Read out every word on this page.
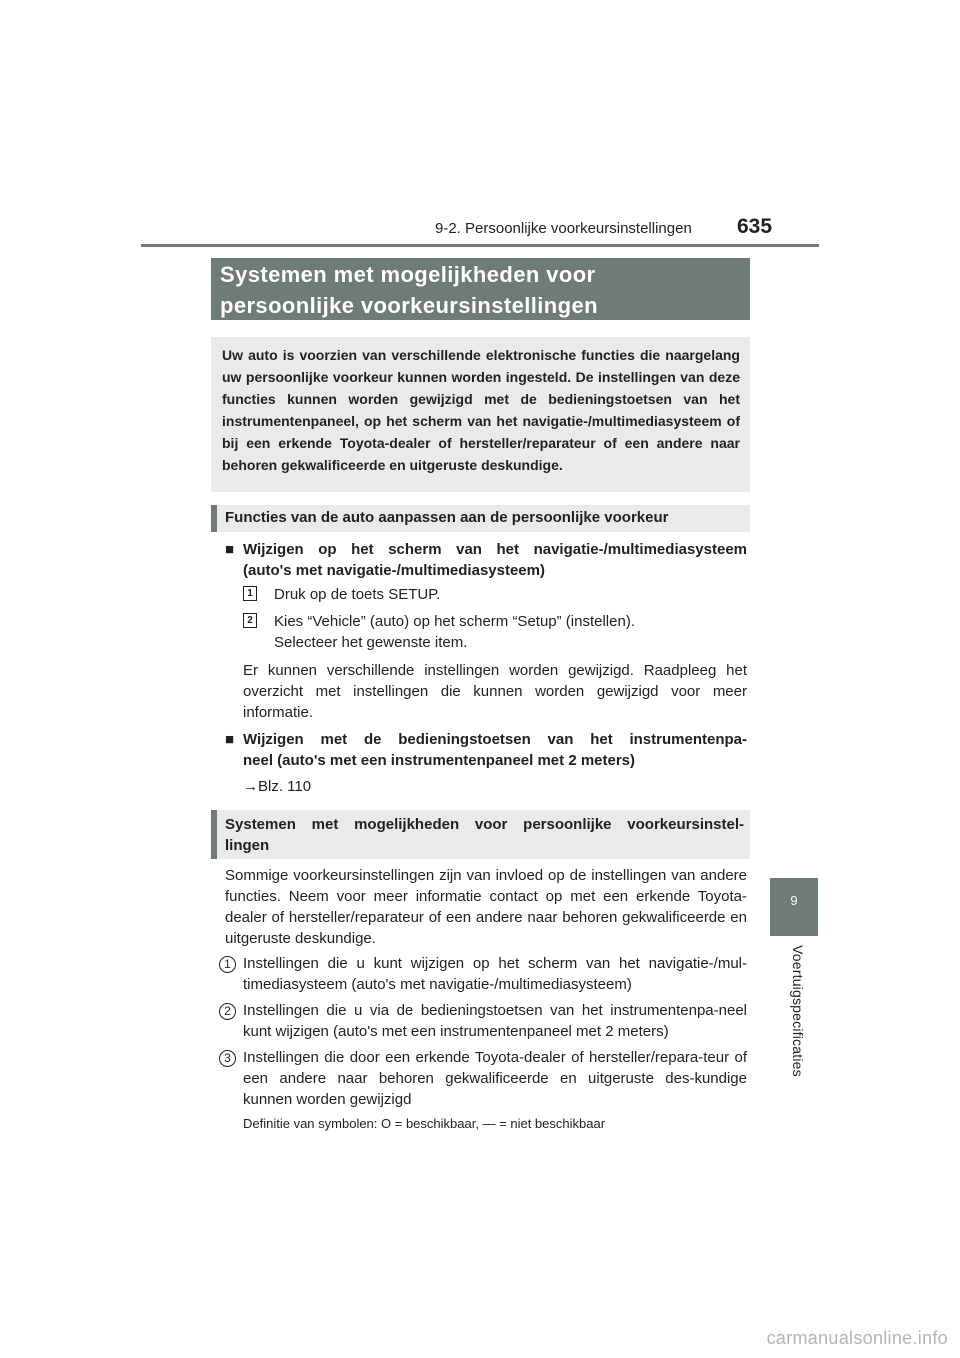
9-2. Persoonlijke voorkeursinstellingen 635
9
Voertuigspecificaties
Systemen met mogelijkheden voor
persoonlijke voorkeursinstellingen
Uw auto is voorzien van verschillende elektronische functies die naargelang uw persoonlijke voorkeur kunnen worden ingesteld. De instellingen van deze functies kunnen worden gewijzigd met de bedieningstoetsen van het instrumentenpaneel, op het scherm van het navigatie-/multimediasysteem of bij een erkende Toyota-dealer of hersteller/reparateur of een andere naar behoren gekwalificeerde en uitgeruste deskundige.
Functies van de auto aanpassen aan de persoonlijke voorkeur
■ Wijzigen op het scherm van het navigatie-/multimediasysteem
(auto's met navigatie-/multimediasysteem)
1 Druk op de toets SETUP.
2 Kies “Vehicle” (auto) op het scherm “Setup” (instellen).
Selecteer het gewenste item.
Er kunnen verschillende instellingen worden gewijzigd. Raadpleeg het overzicht met instellingen die kunnen worden gewijzigd voor meer informatie.
■ Wijzigen met de bedieningstoetsen van het instrumentenpa-
neel (auto's met een instrumentenpaneel met 2 meters)
→Blz. 110
Systemen met mogelijkheden voor persoonlijke voorkeursinstel-
lingen
Sommige voorkeursinstellingen zijn van invloed op de instellingen van andere functies. Neem voor meer informatie contact op met een erkende Toyota-dealer of hersteller/reparateur of een andere naar behoren gekwalificeerde en uitgeruste deskundige.
1 Instellingen die u kunt wijzigen op het scherm van het navigatie-/mul-timediasysteem (auto's met navigatie-/multimediasysteem)
2 Instellingen die u via de bedieningstoetsen van het instrumentenpa-neel kunt wijzigen (auto's met een instrumentenpaneel met 2 meters)
3 Instellingen die door een erkende Toyota-dealer of hersteller/repara-teur of een andere naar behoren gekwalificeerde en uitgeruste des-kundige kunnen worden gewijzigd
Definitie van symbolen: O = beschikbaar, — = niet beschikbaar
carmanualsonline.info
